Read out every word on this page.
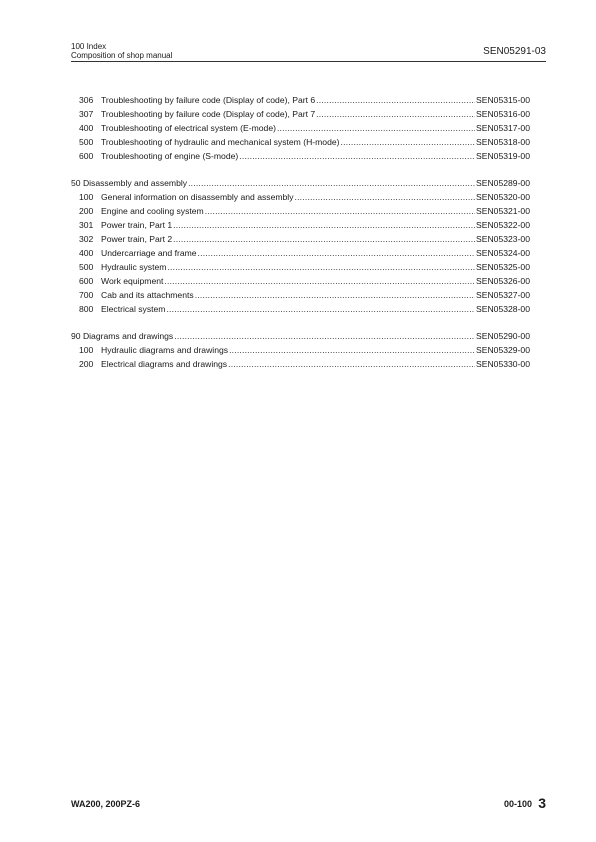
100 Index
Composition of shop manual	SEN05291-03
306 Troubleshooting by failure code (Display of code), Part 6 .....	SEN05315-00
307 Troubleshooting by failure code (Display of code), Part 7 .....	SEN05316-00
400 Troubleshooting of electrical system (E-mode) .....	SEN05317-00
500 Troubleshooting of hydraulic and mechanical system (H-mode) .....	SEN05318-00
600 Troubleshooting of engine (S-mode) .....	SEN05319-00
50 Disassembly and assembly .....	SEN05289-00
100 General information on disassembly and assembly .....	SEN05320-00
200 Engine and cooling system .....	SEN05321-00
301 Power train, Part 1 .....	SEN05322-00
302 Power train, Part 2 .....	SEN05323-00
400 Undercarriage and frame .....	SEN05324-00
500 Hydraulic system .....	SEN05325-00
600 Work equipment .....	SEN05326-00
700 Cab and its attachments .....	SEN05327-00
800 Electrical system .....	SEN05328-00
90 Diagrams and drawings .....	SEN05290-00
100 Hydraulic diagrams and drawings .....	SEN05329-00
200 Electrical diagrams and drawings .....	SEN05330-00
WA200, 200PZ-6	00-100 3
